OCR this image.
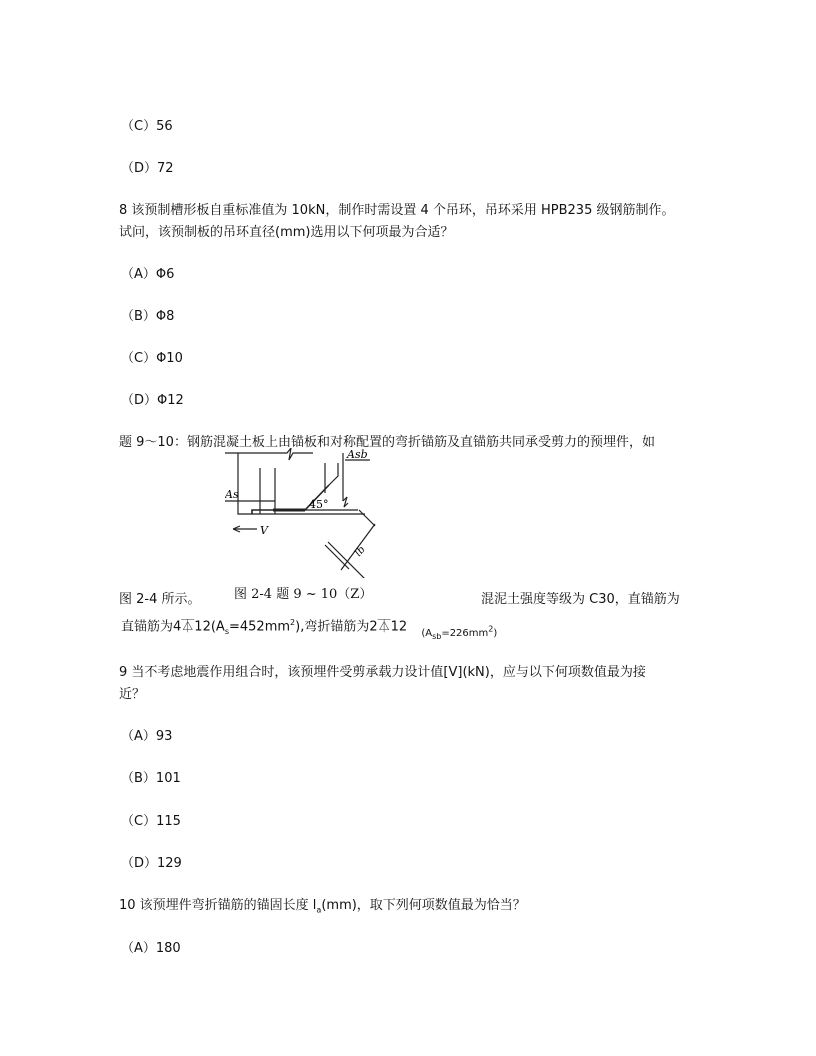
（C）56
（D）72
8 该预制槽形板自重标准值为 10kN，制作时需设置 4 个吊环，吊环采用 HPB235 级钢筋制作。
试问，该预制板的吊环直径(mm)选用以下何项最为合适？
（A）Φ6
（B）Φ8
（C）Φ10
（D）Φ12
题 9～10：钢筋混凝土板上由锚板和对称配置的弯折锚筋及直锚筋共同承受剪力的预埋件，如
As
Asb
45°
V
lb
图 2-4 题 9 ~ 10（Z）
图 2-4 所示。	混泥土强度等级为 C30，直锚筋为
直锚筋为$4⏄12(A_s=452mm^2)$,弯折锚筋为2⏄12 $_{(A_{sb}=226mm^2)}$
9 当不考虑地震作用组合时，该预埋件受剪承载力设计值[V](kN)，应与以下何项数值最为接
近？
（A）93
（B）101
（C）115
（D）129
10 该预埋件弯折锚筋的锚固长度 $l_a(mm)$，取下列何项数值最为恰当？
（A）180
